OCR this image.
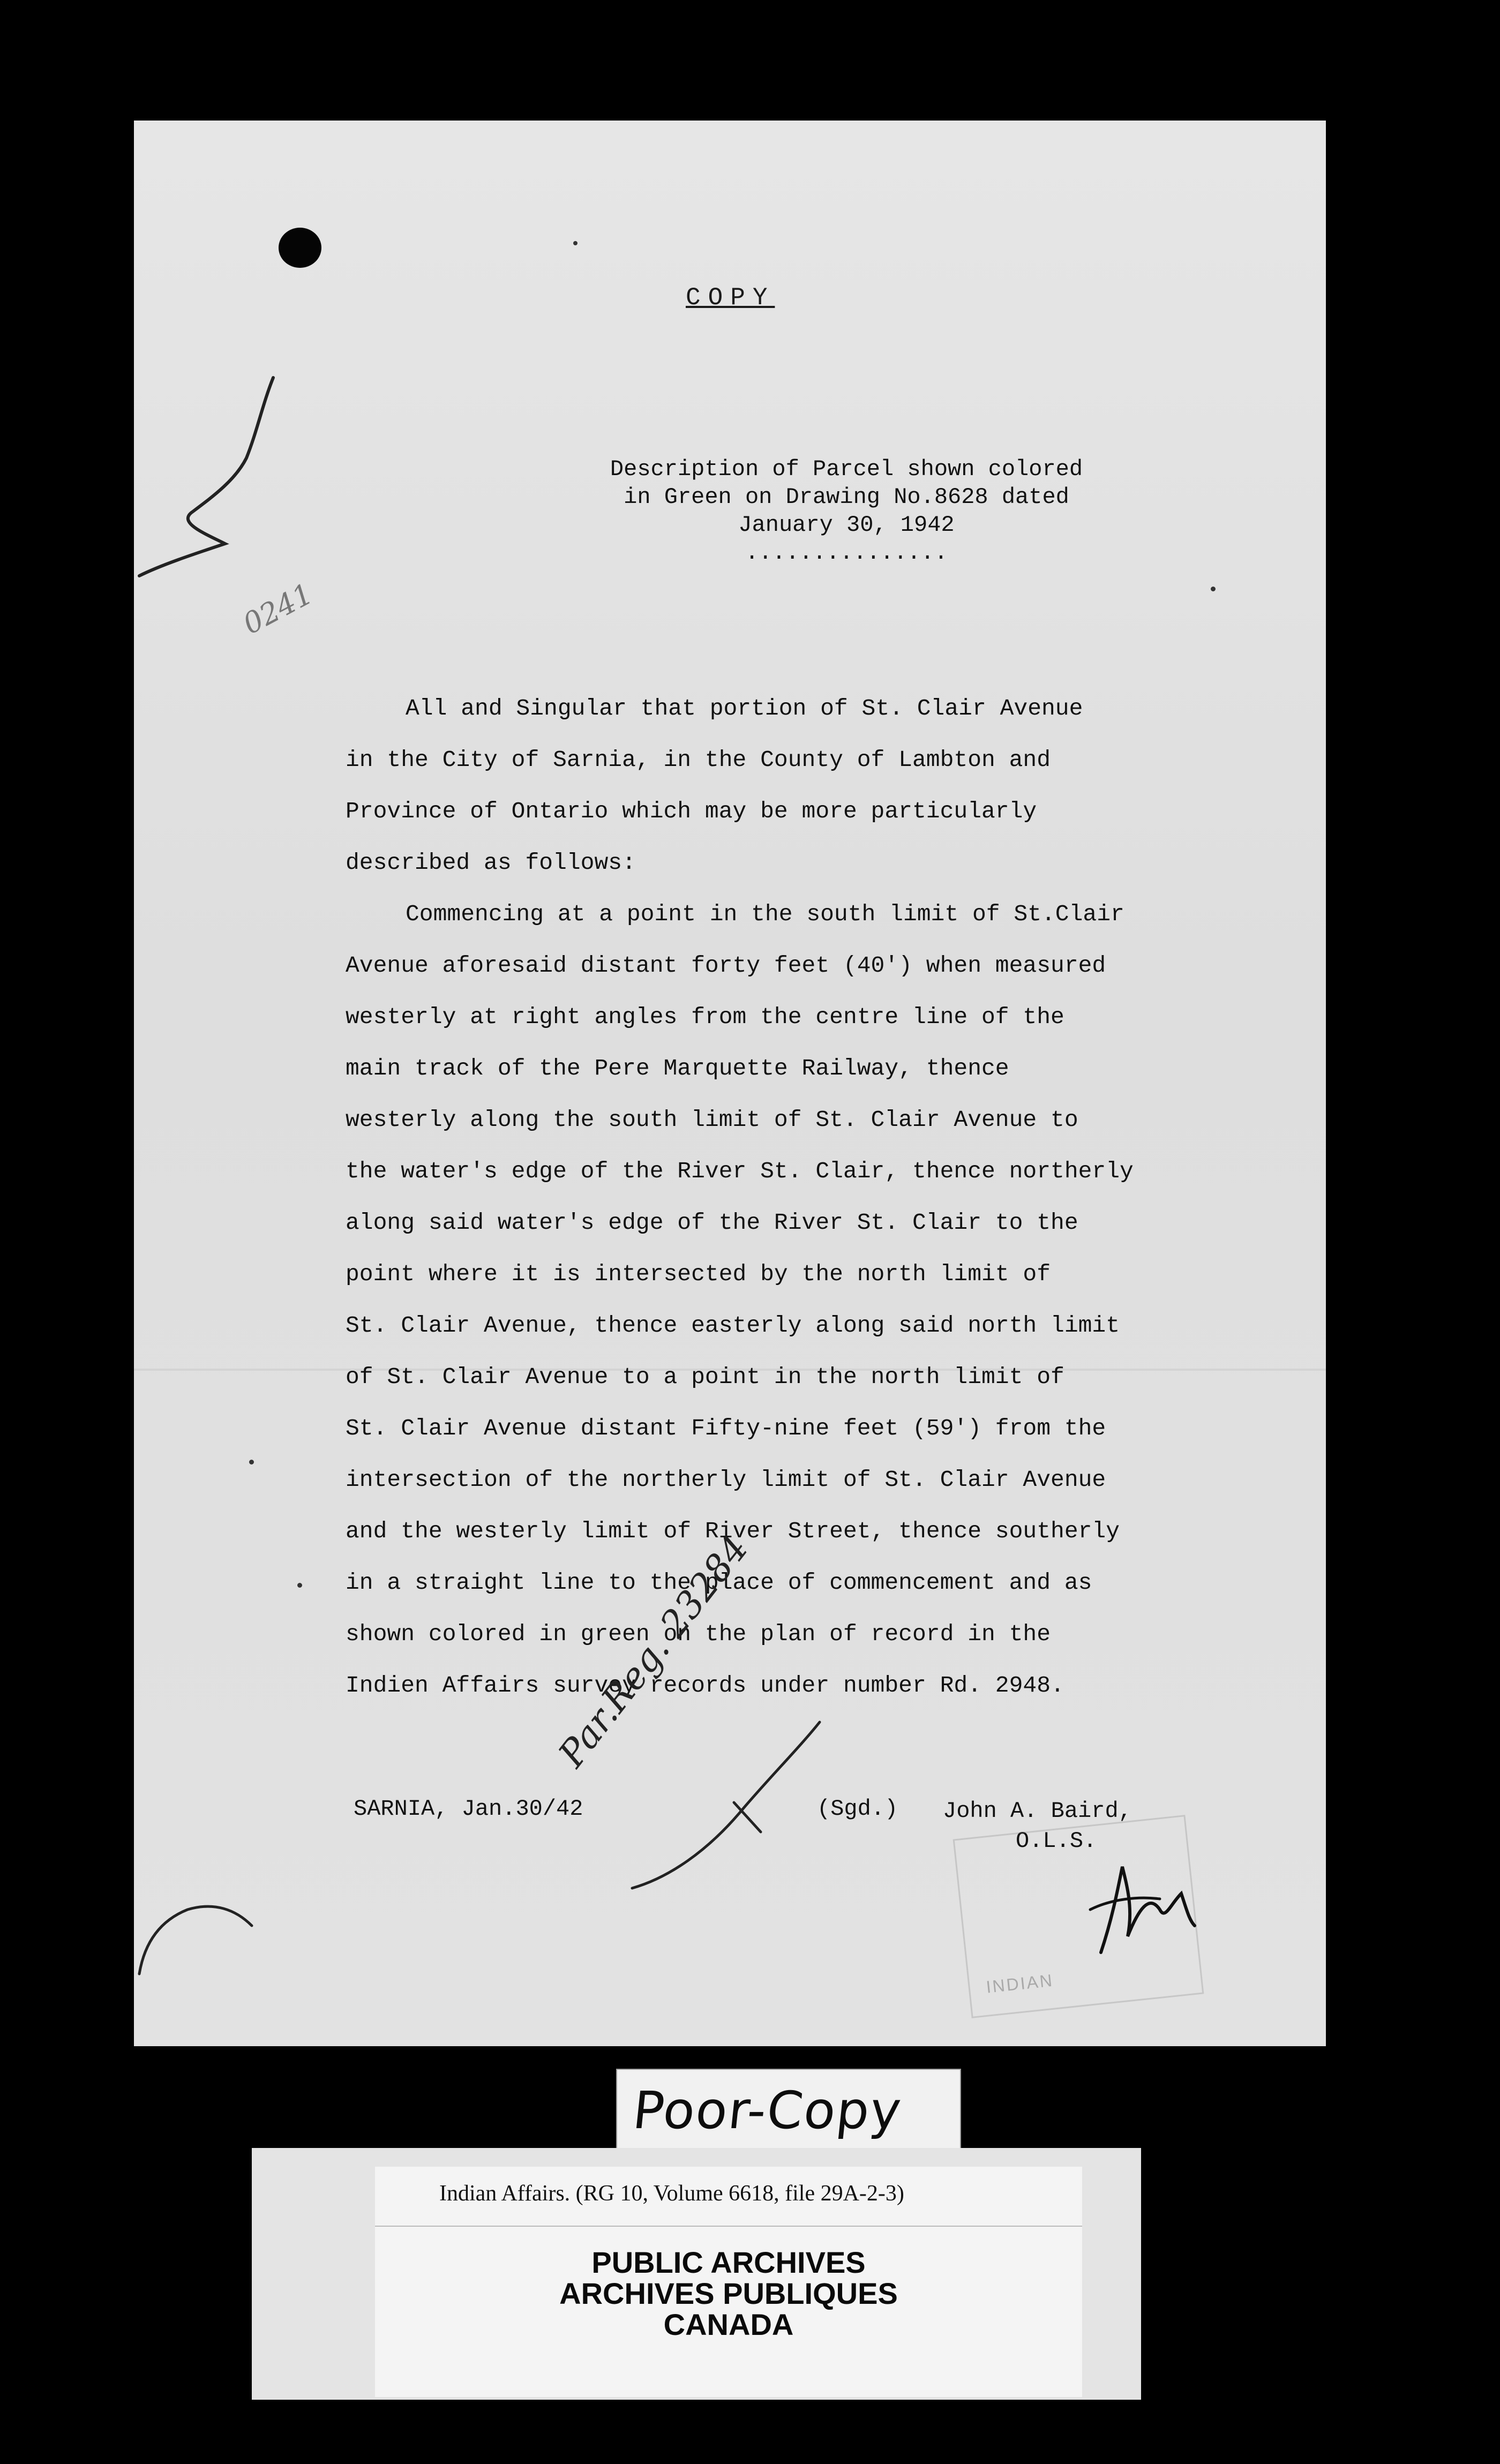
0241
COPY
Description of Parcel shown colored
in Green on Drawing No.8628 dated
January 30, 1942
...............

All and Singular that portion of St. Clair Avenue

in the City of Sarnia, in the County of Lambton and

Province of Ontario which may be more particularly

described as follows:

Commencing at a point in the south limit of St.Clair

Avenue aforesaid distant forty feet (40') when measured

westerly at right angles from the centre line of the

main track of the Pere Marquette Railway, thence

westerly along the south limit of St. Clair Avenue to

the water's edge of the River St. Clair, thence northerly

along said water's edge of the River St. Clair to the

point where it is intersected by the north limit of

St. Clair Avenue, thence easterly along said north limit

of St. Clair Avenue to a point in the north limit of

St. Clair Avenue distant Fifty-nine feet (59') from the

intersection of the northerly limit of St. Clair Avenue

and the westerly limit of River Street, thence southerly

in a straight line to the place of commencement and as

shown colored in green on the plan of record in the

Indien Affairs survey records under number Rd. 2948.

SARNIA, Jan.30/42
Par.Reg. 23284
(Sgd.) John A. Baird,
O.L.S.
INDIAN
Poor-Copy
Indian Affairs. (RG 10, Volume 6618, file 29A-2-3)
PUBLIC ARCHIVES
ARCHIVES PUBLIQUES
CANADA
